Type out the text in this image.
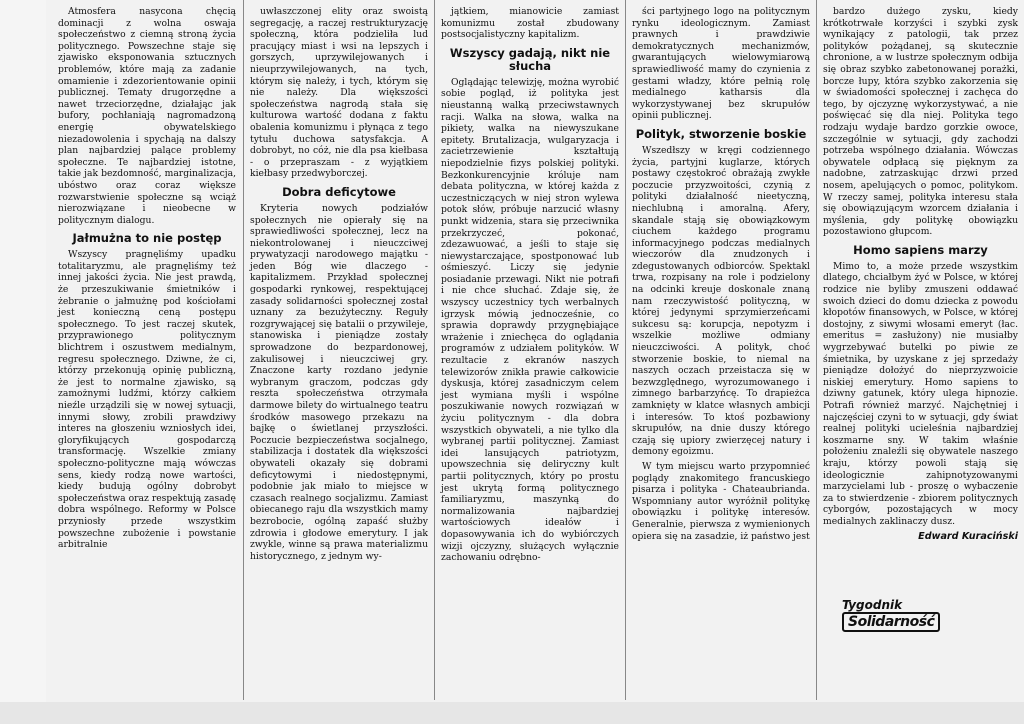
Atmosfera nasycona chęcią dominacji z wolna oswaja społeczeństwo z ciemną stroną życia politycznego. Powszechne staje się zjawisko eksponowania sztucznych problemów, które mają za zadanie omamienie i zdezorientowanie opinii publicznej. Tematy drugorzędne a nawet trzeciorzędne, działając jak bufory, pochłaniają nagromadzoną energię obywatelskiego niezadowolenia i spychają na dalszy plan najbardziej palące problemy społeczne. Te najbardziej istotne, takie jak bezdomność, marginalizacja, ubóstwo oraz coraz większe rozwarstwienie społeczne są wciąż nierozwiązane i nieobecne w politycznym dialogu.

Jałmużna to nie postęp

Wszyscy pragnęliśmy upadku totalitaryzmu, ale pragnęliśmy też innej jakości życia. Nie jest prawdą, że przeszukiwanie śmietników i żebranie o jałmużnę pod kościołami jest konieczną ceną postępu społecznego. To jest raczej skutek, przyprawionego politycznym blichtrem i oszustwem medialnym, regresu społecznego. Dziwne, że ci, którzy przekonują opinię publiczną, że jest to normalne zjawisko, są zamożnymi ludźmi, którzy całkiem nieźle urządzili się w nowej sytuacji, innymi słowy, zrobili prawdziwy interes na głoszeniu wzniosłych idei, gloryfikujących gospodarczą transformację. Wszelkie zmiany społeczno-polityczne mają wówczas sens, kiedy rodzą nowe wartości, kiedy budują ogólny dobrobyt społeczeństwa oraz respektują zasadę dobra wspólnego. Reformy w Polsce przyniosły przede wszystkim powszechne zubożenie i powstanie arbitralnie

uwłaszczonej elity oraz swoistą segregację, a raczej restrukturyzację społeczną, która podzieliła lud pracujący miast i wsi na lepszych i gorszych, uprzywilejowanych i nieuprzywilejowanych, na tych, którym się należy, i tych, którym się nie należy. Dla większości społeczeństwa nagrodą stała się kulturowa wartość dodana z faktu obalenia komunizmu i płynąca z tego tytułu duchowa satysfakcja. A dobrobyt, no cóż, nie dla psa kiełbasa - o przepraszam - z wyjątkiem kiełbasy przedwyborczej.

Dobra deficytowe

Kryteria nowych podziałów społecznych nie opierały się na sprawiedliwości społecznej, lecz na niekontrolowanej i nieuczciwej prywatyzacji narodowego majątku - jeden Bóg wie dlaczego - kapitalizmem. Przykład społecznej gospodarki rynkowej, respektującej zasady solidarności społecznej został uznany za bezużyteczny. Reguły rozgrywającej się batalii o przywileje, stanowiska i pieniądze zostały sprowadzone do bezpardonowej, zakulisowej i nieuczciwej gry. Znaczone karty rozdano jedynie wybranym graczom, podczas gdy reszta społeczeństwa otrzymała darmowe bilety do wirtualnego teatru środków masowego przekazu na bajkę o świetlanej przyszłości. Poczucie bezpieczeństwa socjalnego, stabilizacja i dostatek dla większości obywateli okazały się dobrami deficytowymi i niedostępnymi, podobnie jak miało to miejsce w czasach realnego socjalizmu. Zamiast obiecanego raju dla wszystkich mamy bezrobocie, ogólną zapaść służby zdrowia i głodowe emerytury. I jak zwykle, winne są prawa materializmu historycznego, z jednym wy-

jątkiem, mianowicie zamiast komunizmu został zbudowany postsocjalistyczny kapitalizm.

Wszyscy gadają, nikt nie słucha

Oglądając telewizję, można wyrobić sobie pogląd, iż polityka jest nieustanną walką przeciwstawnych racji. Walka na słowa, walka na pikiety, walka na niewyszukane epitety. Brutalizacja, wulgaryzacja i zacietrzewienie kształtują niepodzielnie fizys polskiej polityki. Bezkonkurencyjnie króluje nam debata polityczna, w której każda z uczestniczących w niej stron wylewa potok słów, próbuje narzucić własny punkt widzenia, stara się przeciwnika przekrzyczeć, pokonać, zdezawuować, a jeśli to staje się niewystarczające, spostponować lub ośmieszyć. Liczy się jedynie posiadanie przewagi. Nikt nie potrafi i nie chce słuchać. Zdaje się, że wszyscy uczestnicy tych werbalnych igrzysk mówią jednocześnie, co sprawia doprawdy przygnębiające wrażenie i zniechęca do oglądania programów z udziałem polityków. W rezultacie z ekranów naszych telewizorów znikła prawie całkowicie dyskusja, której zasadniczym celem jest wymiana myśli i wspólne poszukiwanie nowych rozwiązań w życiu politycznym - dla dobra wszystkich obywateli, a nie tylko dla wybranej partii politycznej. Zamiast idei lansujących patriotyzm, upowszechnia się deliryczny kult partii politycznych, który po prostu jest ukrytą formą politycznego familiaryzmu, maszynką do normalizowania najbardziej wartościowych ideałów i dopasowywania ich do wybiórczych wizji ojczyzny, służących wyłącznie zachowaniu odrębno-

ści partyjnego logo na politycznym rynku ideologicznym. Zamiast prawnych i prawdziwie demokratycznych mechanizmów, gwarantujących wielowymiarową sprawiedliwość mamy do czynienia z gestami władzy, które pełnią rolę medialnego katharsis dla wykorzystywanej bez skrupułów opinii publicznej.

Polityk, stworzenie boskie

Wszedłszy w kręgi codziennego życia, partyjni kuglarze, których postawy częstokroć obrażają zwykłe poczucie przyzwoitości, czynią z polityki działalność nieetyczną, niechlubną i amoralną. Afery, skandale stają się obowiązkowym ciuchem każdego programu informacyjnego podczas medialnych wieczorów dla znudzonych i zdegustowanych odbiorców. Spektakl trwa, rozpisany na role i podzielony na odcinki kreuje doskonale znaną nam rzeczywistość polityczną, w której jedynymi sprzymierzeńcami sukcesu są: korupcja, nepotyzm i wszelkie możliwe odmiany nieuczciwości. A polityk, choć stworzenie boskie, to niemal na naszych oczach przeistacza się w bezwzględnego, wyrozumowanego i zimnego barbarzyńcę. To drapieżca zamknięty w klatce własnych ambicji i interesów. To ktoś pozbawiony skrupułów, na dnie duszy którego czają się upiory zwierzęcej natury i demony egoizmu.

W tym miejscu warto przypomnieć poglądy znakomitego francuskiego pisarza i polityka - Chateaubrianda. Wspomniany autor wyróżnił politykę obowiązku i politykę interesów. Generalnie, pierwsza z wymienionych opiera się na zasadzie, iż państwo jest

bardzo dużego zysku, kiedy krótkotrwałe korzyści i szybki zysk wynikający z patologii, tak przez polityków pożądanej, są skutecznie chronione, a w lustrze społecznym odbija się obraz szybko zabetonowanej porażki, borcze łupy, która szybko zakorzenia się w świadomości społecznej i zachęca do tego, by ojczyznę wykorzystywać, a nie poświęcać się dla niej. Polityka tego rodzaju wydaje bardzo gorzkie owoce, szczególnie w sytuacji, gdy zachodzi potrzeba wspólnego działania. Wówczas obywatele odpłacą się pięknym za nadobne, zatrzaskując drzwi przed nosem, apelujących o pomoc, politykom. W rzeczy samej, polityka interesu stała się obowiązującym wzorcem działania i myślenia, gdy politykę obowiązku pozostawiono głupcom.

Homo sapiens marzy

Mimo to, a może przede wszystkim dlatego, chciałbym żyć w Polsce, w której rodzice nie byliby zmuszeni oddawać swoich dzieci do domu dziecka z powodu kłopotów finansowych, w Polsce, w której dostojny, z siwymi włosami emeryt (łac. emeritus = zasłużony) nie musiałby wygrzebywać butelki po piwie ze śmietnika, by uzyskane z jej sprzedaży pieniądze dołożyć do nieprzyzwoicie niskiej emerytury. Homo sapiens to dziwny gatunek, który ulega hipnozie. Potrafi również marzyć. Najchętniej i najczęściej czyni to w sytuacji, gdy świat realnej polityki ucieleśnia najbardziej koszmarne sny. W takim właśnie położeniu znaleźli się obywatele naszego kraju, którzy powoli stają się ideologicznie zahipnotyzowanymi marzycielami lub - proszę o wybaczenie za to stwierdzenie - zbiorem politycznych cyborgów, pozostających w mocy medialnych zaklinaczy dusz.

Edward Kuraciński
Tygodnik
Solidarność
